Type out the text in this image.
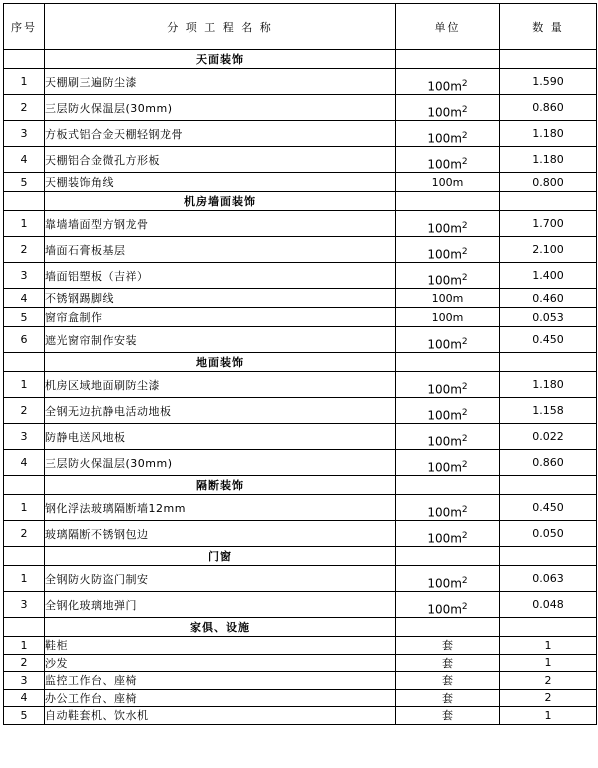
序号	分 项 工 程 名 称	单位	数 量
	天面装饰		
1	天棚刷三遍防尘漆	$100m^2$	1.590
2	三层防火保温层(30mm)	$100m^2$	0.860
3	方板式铝合金天棚轻钢龙骨	$100m^2$	1.180
4	天棚铝合金微孔方形板	$100m^2$	1.180
5	天棚装饰角线	100m	0.800
	机房墙面装饰		
1	靠墙墙面型方钢龙骨	$100m^2$	1.700
2	墙面石膏板基层	$100m^2$	2.100
3	墙面铝塑板（吉祥）	$100m^2$	1.400
4	不锈钢踢脚线	100m	0.460
5	窗帘盒制作	100m	0.053
6	遮光窗帘制作安装	$100m^2$	0.450
	地面装饰		
1	机房区域地面刷防尘漆	$100m^2$	1.180
2	全钢无边抗静电活动地板	$100m^2$	1.158
3	防静电送风地板	$100m^2$	0.022
4	三层防火保温层(30mm)	$100m^2$	0.860
	隔断装饰		
1	钢化浮法玻璃隔断墙12mm	$100m^2$	0.450
2	玻璃隔断不锈钢包边	$100m^2$	0.050
	门窗		
1	全钢防火防盗门制安	$100m^2$	0.063
3	全钢化玻璃地弹门	$100m^2$	0.048
	家俱、设施		
1	鞋柜	套	1
2	沙发	套	1
3	监控工作台、座椅	套	2
4	办公工作台、座椅	套	2
5	自动鞋套机、饮水机	套	1
